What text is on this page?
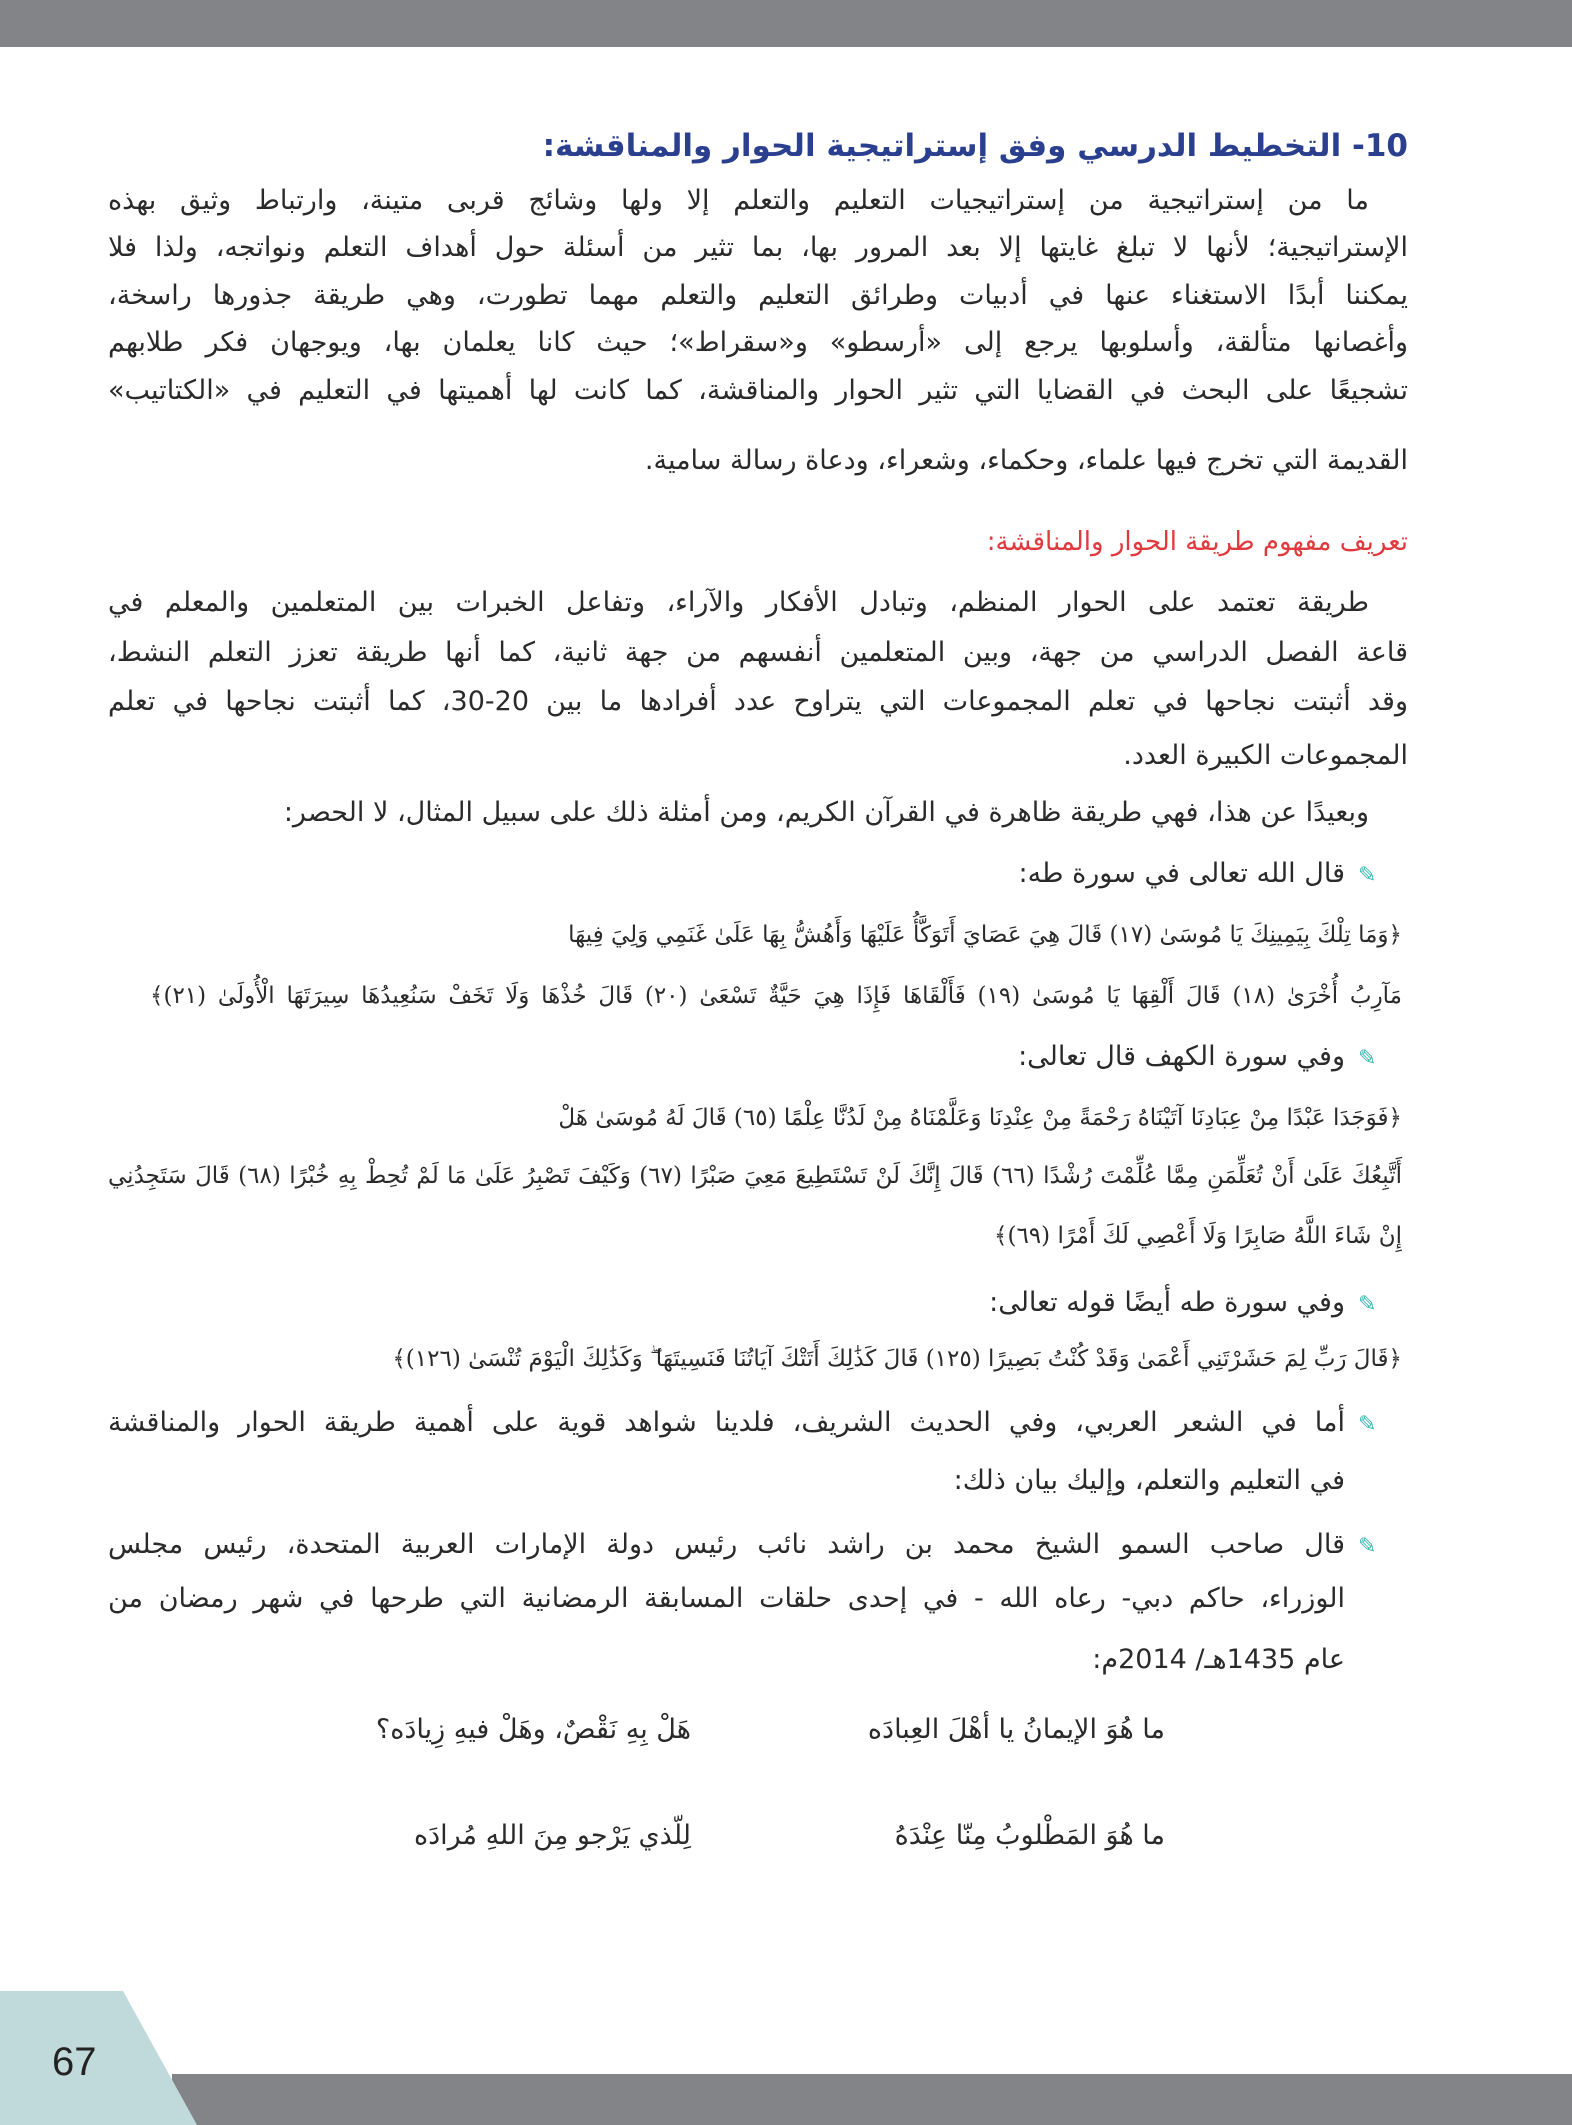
10- التخطيط الدرسي وفق إستراتيجية الحوار والمناقشة:
ما من إستراتيجية من إستراتيجيات التعليم والتعلم إلا ولها وشائج قربى متينة، وارتباط وثيق بهذه
الإستراتيجية؛ لأنها لا تبلغ غايتها إلا بعد المرور بها، بما تثير من أسئلة حول أهداف التعلم ونواتجه، ولذا فلا
يمكننا أبدًا الاستغناء عنها في أدبيات وطرائق التعليم والتعلم مهما تطورت، وهي طريقة جذورها راسخة،
وأغصانها متألقة، وأسلوبها يرجع إلى «أرسطو» و«سقراط»؛ حيث كانا يعلمان بها، ويوجهان فكر طلابهم
تشجيعًا على البحث في القضايا التي تثير الحوار والمناقشة، كما كانت لها أهميتها في التعليم في «الكتاتيب»
القديمة التي تخرج فيها علماء، وحكماء، وشعراء، ودعاة رسالة سامية.
تعريف مفهوم طريقة الحوار والمناقشة:
طريقة تعتمد على الحوار المنظم، وتبادل الأفكار والآراء، وتفاعل الخبرات بين المتعلمين والمعلم في
قاعة الفصل الدراسي من جهة، وبين المتعلمين أنفسهم من جهة ثانية، كما أنها طريقة تعزز التعلم النشط،
وقد أثبتت نجاحها في تعلم المجموعات التي يتراوح عدد أفرادها ما بين 20-30، كما أثبتت نجاحها في تعلم
المجموعات الكبيرة العدد.
وبعيدًا عن هذا، فهي طريقة ظاهرة في القرآن الكريم، ومن أمثلة ذلك على سبيل المثال، لا الحصر:
✎
قال الله تعالى في سورة طه:
﴿وَمَا تِلْكَ بِيَمِينِكَ يَا مُوسَىٰ (١٧) قَالَ هِيَ عَصَايَ أَتَوَكَّأُ عَلَيْهَا وَأَهُشُّ بِهَا عَلَىٰ غَنَمِي وَلِيَ فِيهَا
مَآرِبُ أُخْرَىٰ (١٨) قَالَ أَلْقِهَا يَا مُوسَىٰ (١٩) فَأَلْقَاهَا فَإِذَا هِيَ حَيَّةٌ تَسْعَىٰ (٢٠) قَالَ خُذْهَا وَلَا تَخَفْ سَنُعِيدُهَا سِيرَتَهَا الْأُولَىٰ (٢١)﴾
✎
وفي سورة الكهف قال تعالى:
﴿فَوَجَدَا عَبْدًا مِنْ عِبَادِنَا آتَيْنَاهُ رَحْمَةً مِنْ عِنْدِنَا وَعَلَّمْنَاهُ مِنْ لَدُنَّا عِلْمًا (٦٥) قَالَ لَهُ مُوسَىٰ هَلْ
أَتَّبِعُكَ عَلَىٰ أَنْ تُعَلِّمَنِ مِمَّا عُلِّمْتَ رُشْدًا (٦٦) قَالَ إِنَّكَ لَنْ تَسْتَطِيعَ مَعِيَ صَبْرًا (٦٧) وَكَيْفَ تَصْبِرُ عَلَىٰ مَا لَمْ تُحِطْ بِهِ خُبْرًا (٦٨) قَالَ سَتَجِدُنِي
إِنْ شَاءَ اللَّهُ صَابِرًا وَلَا أَعْصِي لَكَ أَمْرًا (٦٩)﴾
✎
وفي سورة طه أيضًا قوله تعالى:
﴿قَالَ رَبِّ لِمَ حَشَرْتَنِي أَعْمَىٰ وَقَدْ كُنْتُ بَصِيرًا (١٢٥) قَالَ كَذَٰلِكَ أَتَتْكَ آيَاتُنَا فَنَسِيتَهَا ۖ وَكَذَٰلِكَ الْيَوْمَ تُنْسَىٰ (١٢٦)﴾
✎
أما في الشعر العربي، وفي الحديث الشريف، فلدينا شواهد قوية على أهمية طريقة الحوار والمناقشة
في التعليم والتعلم، وإليك بيان ذلك:
✎
قال صاحب السمو الشيخ محمد بن راشد نائب رئيس دولة الإمارات العربية المتحدة، رئيس مجلس
الوزراء، حاكم دبي- رعاه الله - في إحدى حلقات المسابقة الرمضانية التي طرحها في شهر رمضان من
عام 1435هـ/ 2014م:
ما هُوَ الإيمانُ يا أهْلَ العِبادَه
هَلْ بِهِ نَقْصٌ، وهَلْ فيهِ زِيادَه؟
ما هُوَ المَطْلوبُ مِنّا عِنْدَهُ
لِلّذي يَرْجو مِنَ اللهِ مُرادَه
67
